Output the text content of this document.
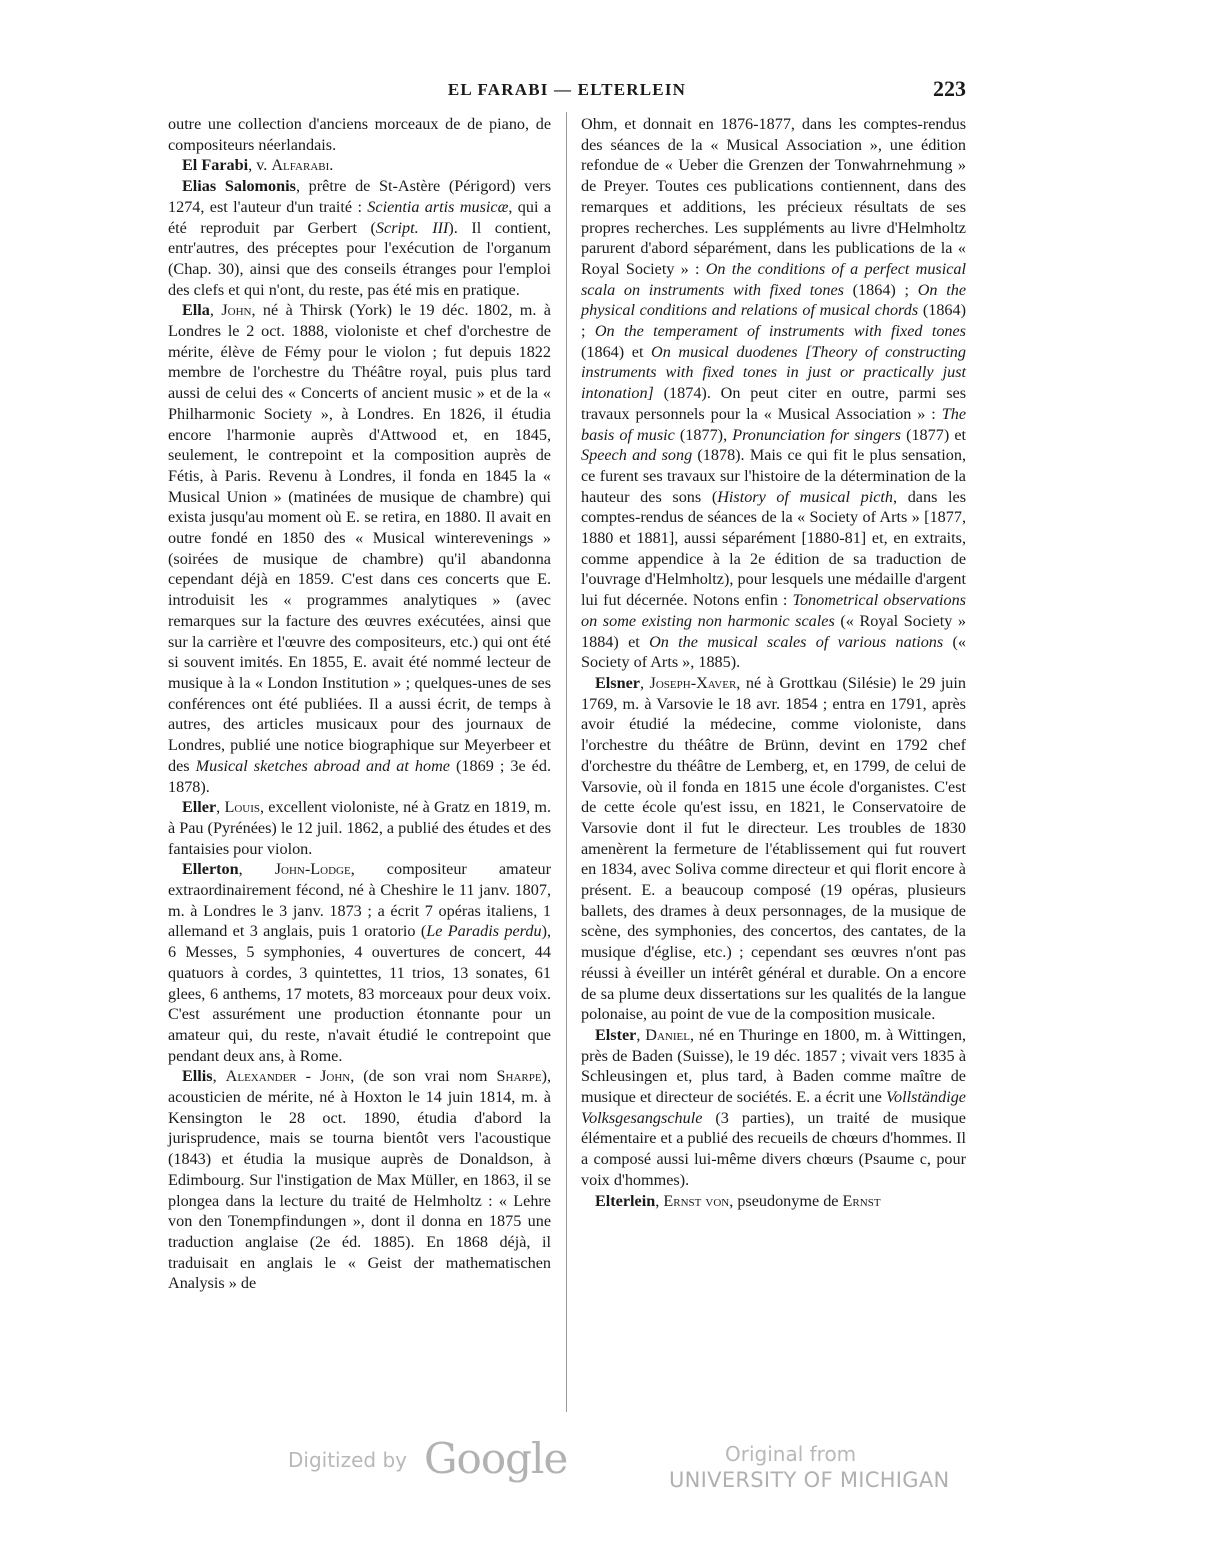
EL FARABI — ELTERLEIN	223

outre une collection d'anciens morceaux de de piano, de compositeurs néerlandais.

El Farabi, v. Alfarabi.

Elias Salomonis, prêtre de St-Astère (Périgord) vers 1274, est l'auteur d'un traité : Scientia artis musicæ, qui a été reproduit par Gerbert (Script. III). Il contient, entr'autres, des préceptes pour l'exécution de l'organum (Chap. 30), ainsi que des conseils étranges pour l'emploi des clefs et qui n'ont, du reste, pas été mis en pratique.

Ella, John, né à Thirsk (York) le 19 déc. 1802, m. à Londres le 2 oct. 1888, violoniste et chef d'orchestre de mérite, élève de Fémy pour le violon ; fut depuis 1822 membre de l'orchestre du Théâtre royal, puis plus tard aussi de celui des « Concerts of ancient music » et de la « Philharmonic Society », à Londres. En 1826, il étudia encore l'harmonie auprès d'Attwood et, en 1845, seulement, le contrepoint et la composition auprès de Fétis, à Paris. Revenu à Londres, il fonda en 1845 la « Musical Union » (matinées de musique de chambre) qui exista jusqu'au moment où E. se retira, en 1880. Il avait en outre fondé en 1850 des « Musical winterevenings » (soirées de musique de chambre) qu'il abandonna cependant déjà en 1859. C'est dans ces concerts que E. introduisit les « programmes analytiques » (avec remarques sur la facture des œuvres exécutées, ainsi que sur la carrière et l'œuvre des compositeurs, etc.) qui ont été si souvent imités. En 1855, E. avait été nommé lecteur de musique à la « London Institution » ; quelques-unes de ses conférences ont été publiées. Il a aussi écrit, de temps à autres, des articles musicaux pour des journaux de Londres, publié une notice biographique sur Meyerbeer et des Musical sketches abroad and at home (1869 ; 3e éd. 1878).

Eller, Louis, excellent violoniste, né à Gratz en 1819, m. à Pau (Pyrénées) le 12 juil. 1862, a publié des études et des fantaisies pour violon.

Ellerton, John-Lodge, compositeur amateur extraordinairement fécond, né à Cheshire le 11 janv. 1807, m. à Londres le 3 janv. 1873 ; a écrit 7 opéras italiens, 1 allemand et 3 anglais, puis 1 oratorio (Le Paradis perdu), 6 Messes, 5 symphonies, 4 ouvertures de concert, 44 quatuors à cordes, 3 quintettes, 11 trios, 13 sonates, 61 glees, 6 anthems, 17 motets, 83 morceaux pour deux voix. C'est assurément une production étonnante pour un amateur qui, du reste, n'avait étudié le contrepoint que pendant deux ans, à Rome.

Ellis, Alexander - John, (de son vrai nom Sharpe), acousticien de mérite, né à Hoxton le 14 juin 1814, m. à Kensington le 28 oct. 1890, étudia d'abord la jurisprudence, mais se tourna bientôt vers l'acoustique (1843) et étudia la musique auprès de Donaldson, à Edimbourg. Sur l'instigation de Max Müller, en 1863, il se plongea dans la lecture du traité de Helmholtz : « Lehre von den Tonempfindungen », dont il donna en 1875 une traduction anglaise (2e éd. 1885). En 1868 déjà, il traduisait en anglais le « Geist der mathematischen Analysis » de

Ohm, et donnait en 1876-1877, dans les comptes-rendus des séances de la « Musical Association », une édition refondue de « Ueber die Grenzen der Tonwahrnehmung » de Preyer. Toutes ces publications contiennent, dans des remarques et additions, les précieux résultats de ses propres recherches. Les suppléments au livre d'Helmholtz parurent d'abord séparément, dans les publications de la « Royal Society » : On the conditions of a perfect musical scala on instruments with fixed tones (1864) ; On the physical conditions and relations of musical chords (1864) ; On the temperament of instruments with fixed tones (1864) et On musical duodenes [Theory of constructing instruments with fixed tones in just or practically just intonation] (1874). On peut citer en outre, parmi ses travaux personnels pour la « Musical Association » : The basis of music (1877), Pronunciation for singers (1877) et Speech and song (1878). Mais ce qui fit le plus sensation, ce furent ses travaux sur l'histoire de la détermination de la hauteur des sons (History of musical picth, dans les comptes-rendus de séances de la « Society of Arts » [1877, 1880 et 1881], aussi séparément [1880-81] et, en extraits, comme appendice à la 2e édition de sa traduction de l'ouvrage d'Helmholtz), pour lesquels une médaille d'argent lui fut décernée. Notons enfin : Tonometrical observations on some existing non harmonic scales (« Royal Society » 1884) et On the musical scales of various nations (« Society of Arts », 1885).

Elsner, Joseph-Xaver, né à Grottkau (Silésie) le 29 juin 1769, m. à Varsovie le 18 avr. 1854 ; entra en 1791, après avoir étudié la médecine, comme violoniste, dans l'orchestre du théâtre de Brünn, devint en 1792 chef d'orchestre du théâtre de Lemberg, et, en 1799, de celui de Varsovie, où il fonda en 1815 une école d'organistes. C'est de cette école qu'est issu, en 1821, le Conservatoire de Varsovie dont il fut le directeur. Les troubles de 1830 amenèrent la fermeture de l'établissement qui fut rouvert en 1834, avec Soliva comme directeur et qui florit encore à présent. E. a beaucoup composé (19 opéras, plusieurs ballets, des drames à deux personnages, de la musique de scène, des symphonies, des concertos, des cantates, de la musique d'église, etc.) ; cependant ses œuvres n'ont pas réussi à éveiller un intérêt général et durable. On a encore de sa plume deux dissertations sur les qualités de la langue polonaise, au point de vue de la composition musicale.

Elster, Daniel, né en Thuringe en 1800, m. à Wittingen, près de Baden (Suisse), le 19 déc. 1857 ; vivait vers 1835 à Schleusingen et, plus tard, à Baden comme maître de musique et directeur de sociétés. E. a écrit une Vollständige Volksgesangschule (3 parties), un traité de musique élémentaire et a publié des recueils de chœurs d'hommes. Il a composé aussi lui-même divers chœurs (Psaume c, pour voix d'hommes).

Elterlein, Ernst von, pseudonyme de Ernst

Digitized by Google	Original from
UNIVERSITY OF MICHIGAN
